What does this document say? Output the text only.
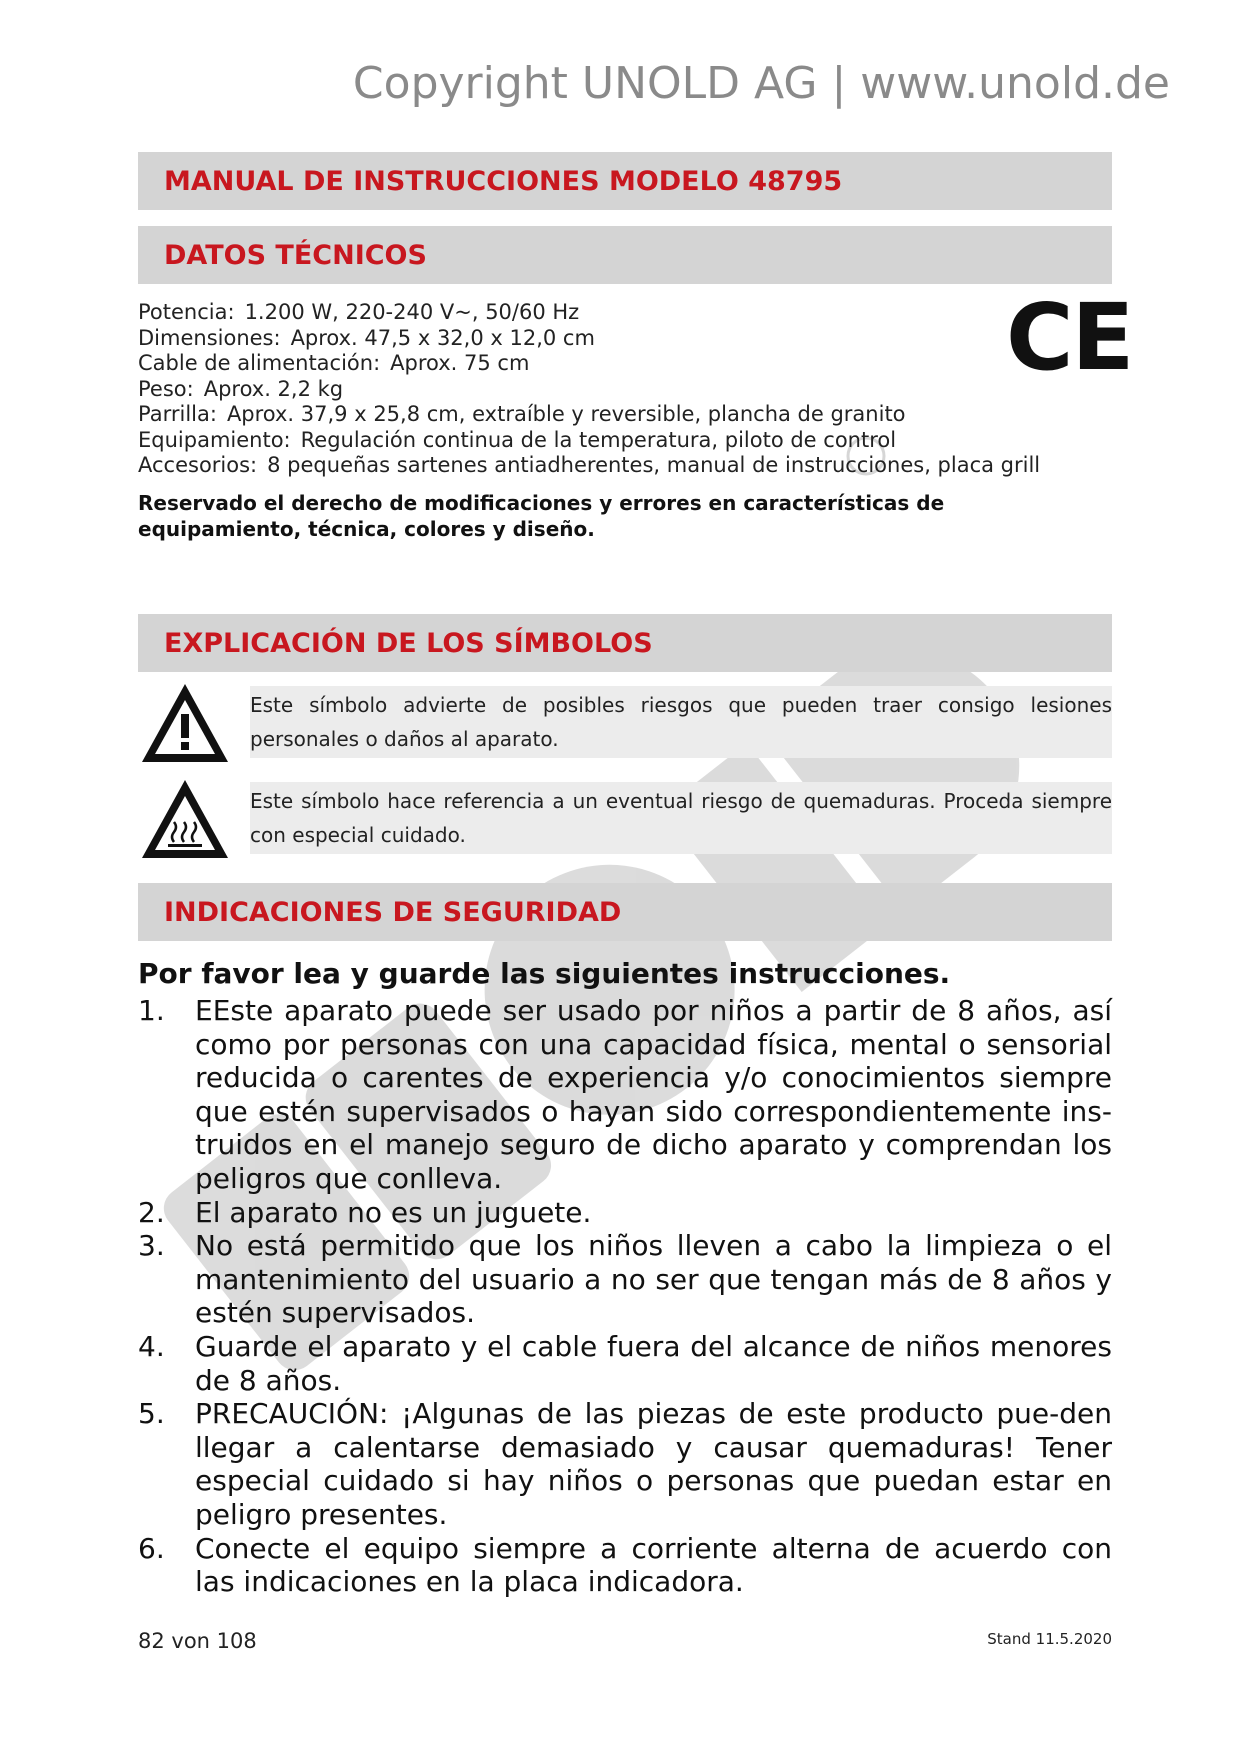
Copyright UNOLD AG | www.unold.de
MANUAL DE INSTRUCCIONES MODELO 48795
DATOS TÉCNICOS
Potencia: 1.200 W, 220-240 V~, 50/60 Hz
Dimensiones: Aprox. 47,5 x 32,0 x 12,0 cm
Cable de alimentación: Aprox. 75 cm
Peso: Aprox. 2,2 kg
Parrilla: Aprox. 37,9 x 25,8 cm, extraíble y reversible, plancha de granito
Equipamiento: Regulación continua de la temperatura, piloto de control
Accesorios: 8 pequeñas sartenes antiadherentes, manual de instrucciones, placa grill
CE
Reservado el derecho de modificaciones y errores en características de equipamiento, técnica, colores y diseño.
EXPLICACIÓN DE LOS SÍMBOLOS
Este símbolo advierte de posibles riesgos que pueden traer consigo lesiones personales o daños al aparato.
Este símbolo hace referencia a un eventual riesgo de quemaduras. Proceda siempre con especial cuidado.
INDICACIONES DE SEGURIDAD
Por favor lea y guarde las siguientes instrucciones.
1. EEste aparato puede ser usado por niños a partir de 8 años, así como por personas con una capacidad física, mental o sensorial reducida o carentes de experiencia y/o conocimientos siempre que estén supervisados o hayan sido correspondientemente ins-truidos en el manejo seguro de dicho aparato y comprendan los peligros que conlleva.
2. El aparato no es un juguete.
3. No está permitido que los niños lleven a cabo la limpieza o el mantenimiento del usuario a no ser que tengan más de 8 años y estén supervisados.
4. Guarde el aparato y el cable fuera del alcance de niños menores de 8 años.
5. PRECAUCIÓN: ¡Algunas de las piezas de este producto pue-den llegar a calentarse demasiado y causar quemaduras! Tener especial cuidado si hay niños o personas que puedan estar en peligro presentes.
6. Conecte el equipo siempre a corriente alterna de acuerdo con las indicaciones en la placa indicadora.
82 von 108	Stand 11.5.2020
